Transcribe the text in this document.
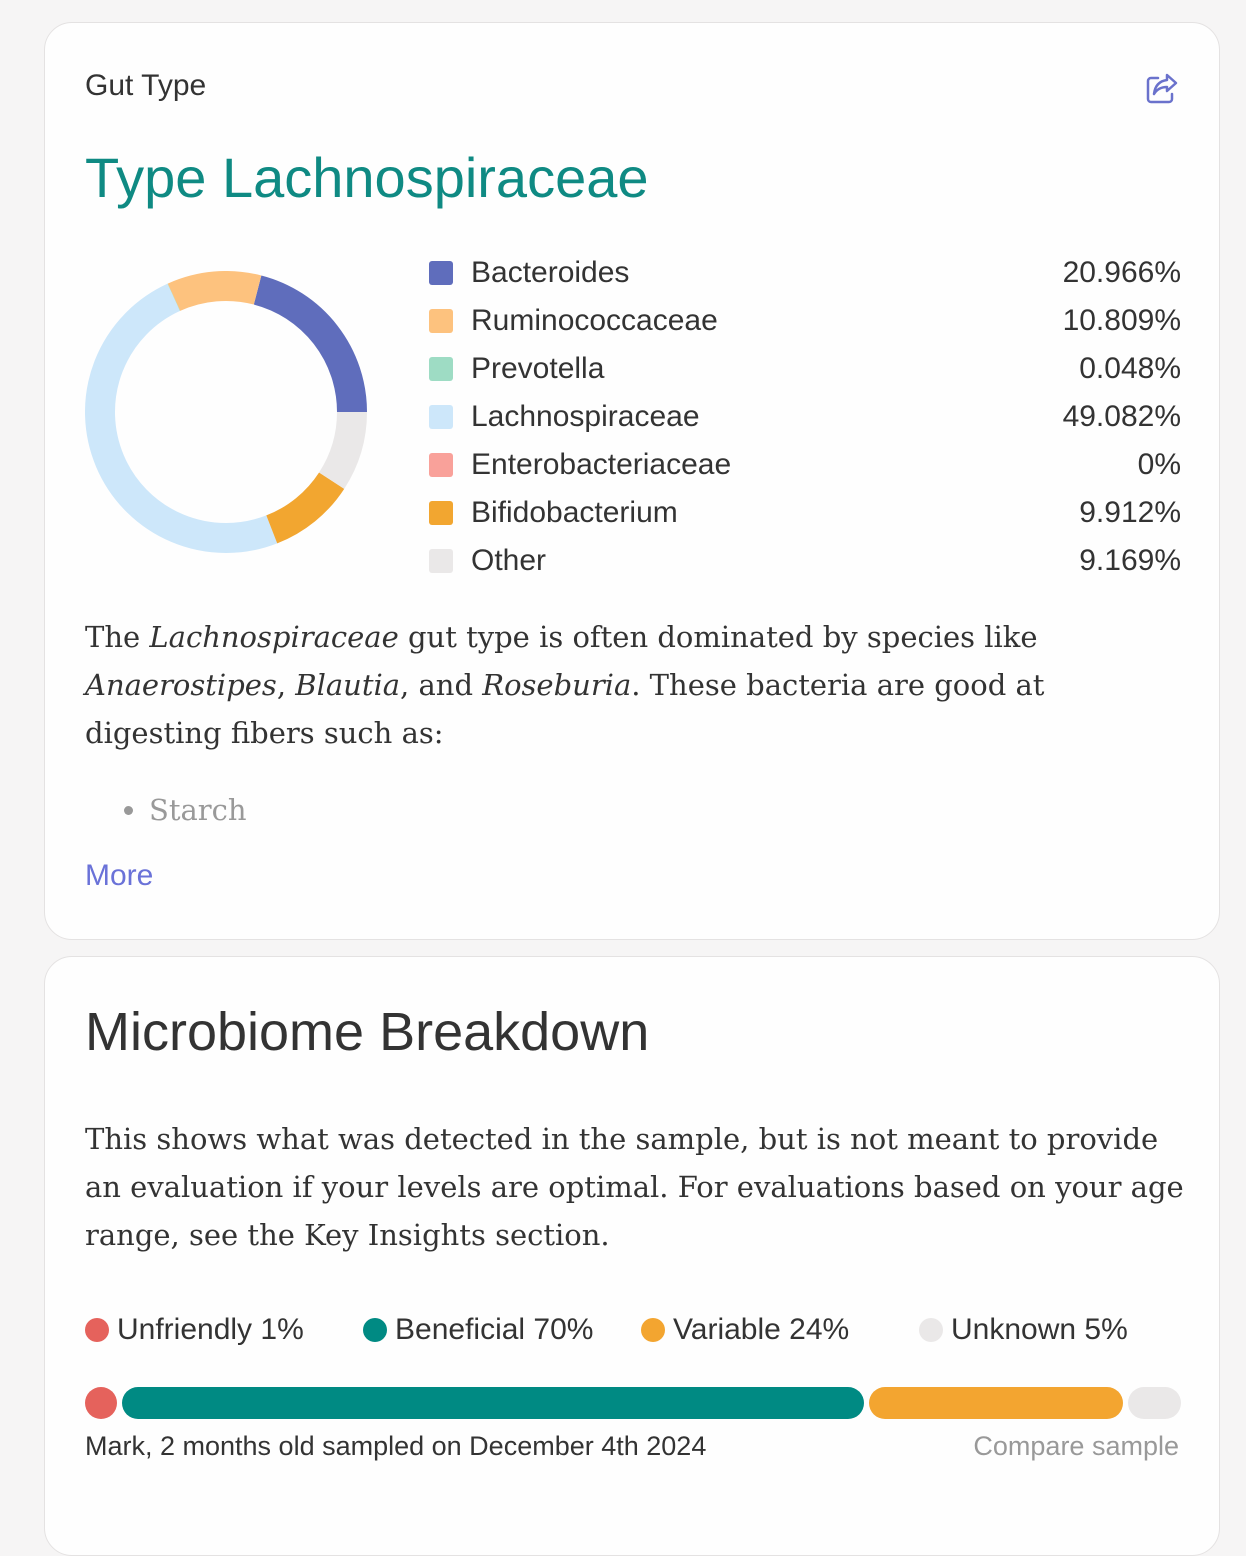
Gut Type
Type Lachnospiraceae
Bacteroides	20.966%
Ruminococcaceae	10.809%
Prevotella	0.048%
Lachnospiraceae	49.082%
Enterobacteriaceae	0%
Bifidobacterium	9.912%
Other	9.169%
The Lachnospiraceae gut type is often dominated by species like Anaerostipes, Blautia, and Roseburia. These bacteria are good at digesting fibers such as:
• Starch
More
Microbiome Breakdown
This shows what was detected in the sample, but is not meant to provide an evaluation if your levels are optimal. For evaluations based on your age range, see the Key Insights section.
Unfriendly 1%	Beneficial 70%	Variable 24%	Unknown 5%
Mark, 2 months old sampled on December 4th 2024	Compare sample
